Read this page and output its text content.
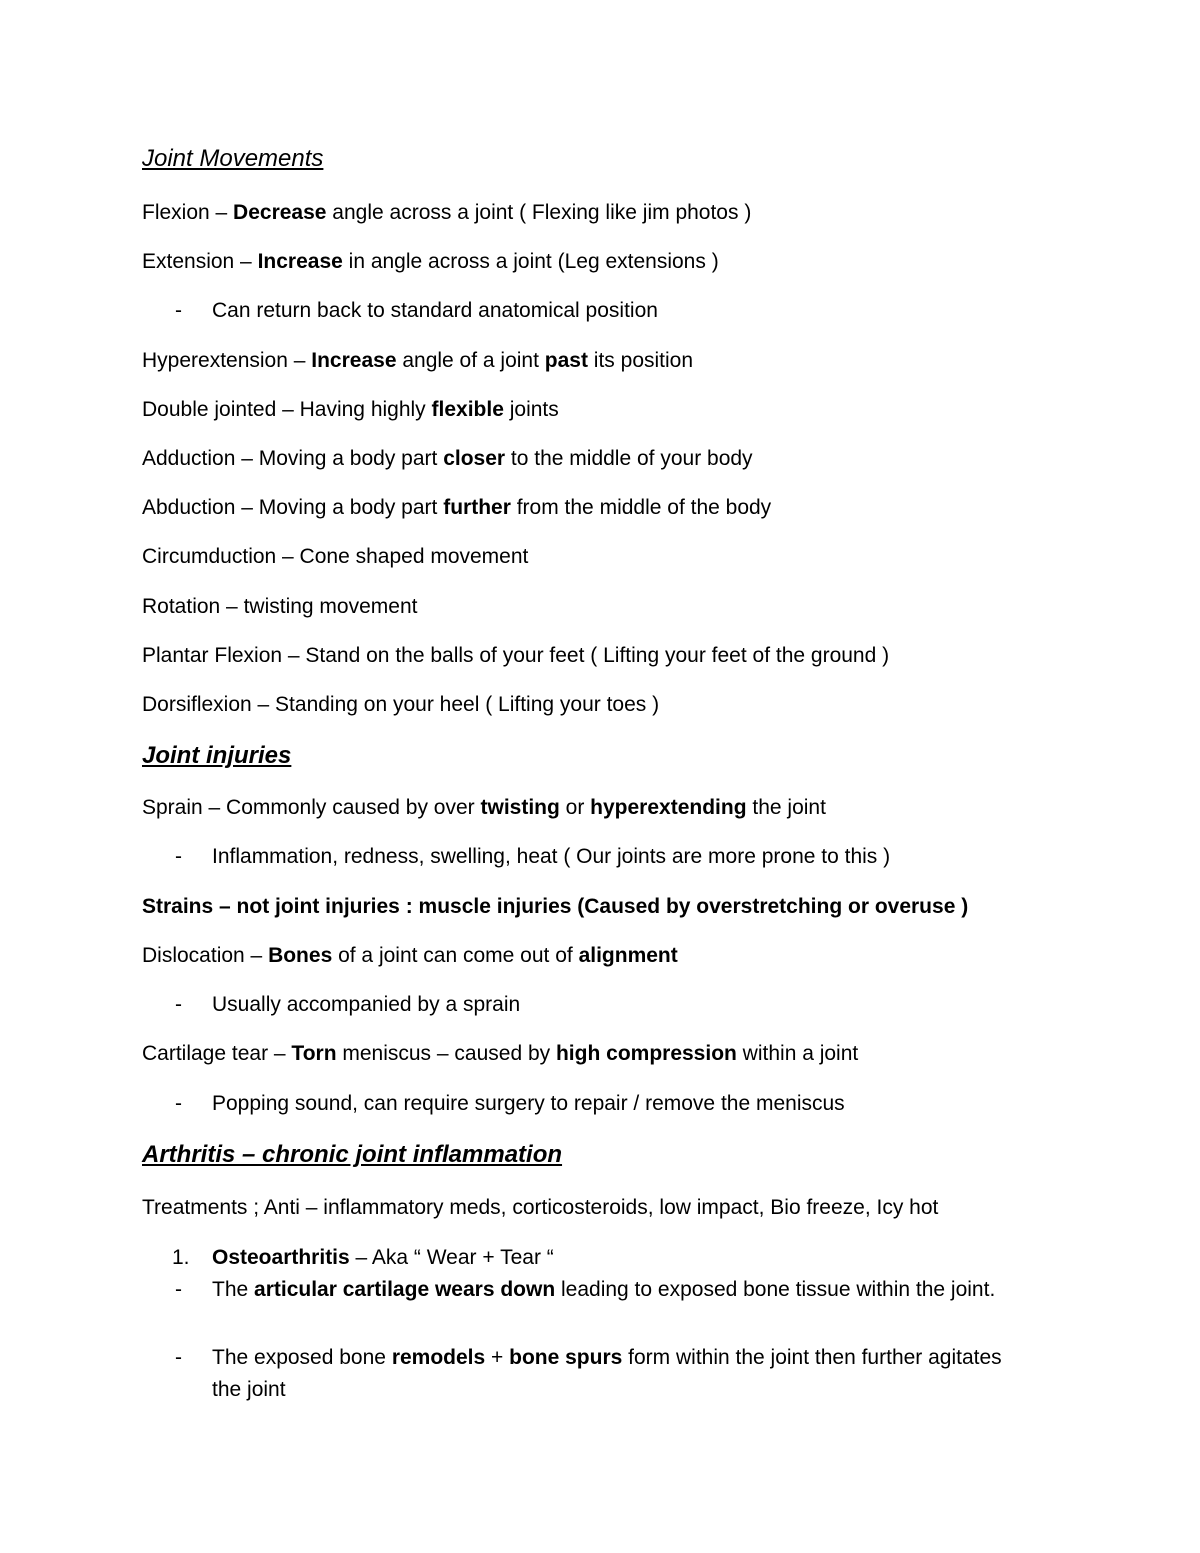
Joint Movements
Flexion – Decrease angle across a joint ( Flexing like jim photos )
Extension – Increase in angle across a joint (Leg extensions )
- Can return back to standard anatomical position
Hyperextension – Increase angle of a joint past its position
Double jointed – Having highly flexible joints
Adduction – Moving a body part closer to the middle of your body
Abduction – Moving a body part further from the middle of the body
Circumduction – Cone shaped movement
Rotation – twisting movement
Plantar Flexion – Stand on the balls of your feet ( Lifting your feet of the ground )
Dorsiflexion – Standing on your heel ( Lifting your toes )
Joint injuries
Sprain – Commonly caused by over twisting or hyperextending the joint
- Inflammation, redness, swelling, heat ( Our joints are more prone to this )
Strains – not joint injuries : muscle injuries (Caused by overstretching or overuse )
Dislocation – Bones of a joint can come out of alignment
- Usually accompanied by a sprain
Cartilage tear – Torn meniscus – caused by high compression within a joint
- Popping sound, can require surgery to repair / remove the meniscus
Arthritis – chronic joint inflammation
Treatments ; Anti – inflammatory meds, corticosteroids, low impact, Bio freeze, Icy hot
1. Osteoarthritis – Aka “ Wear + Tear “
- The articular cartilage wears down leading to exposed bone tissue within the joint.
- The exposed bone remodels + bone spurs form within the joint then further agitates the joint
